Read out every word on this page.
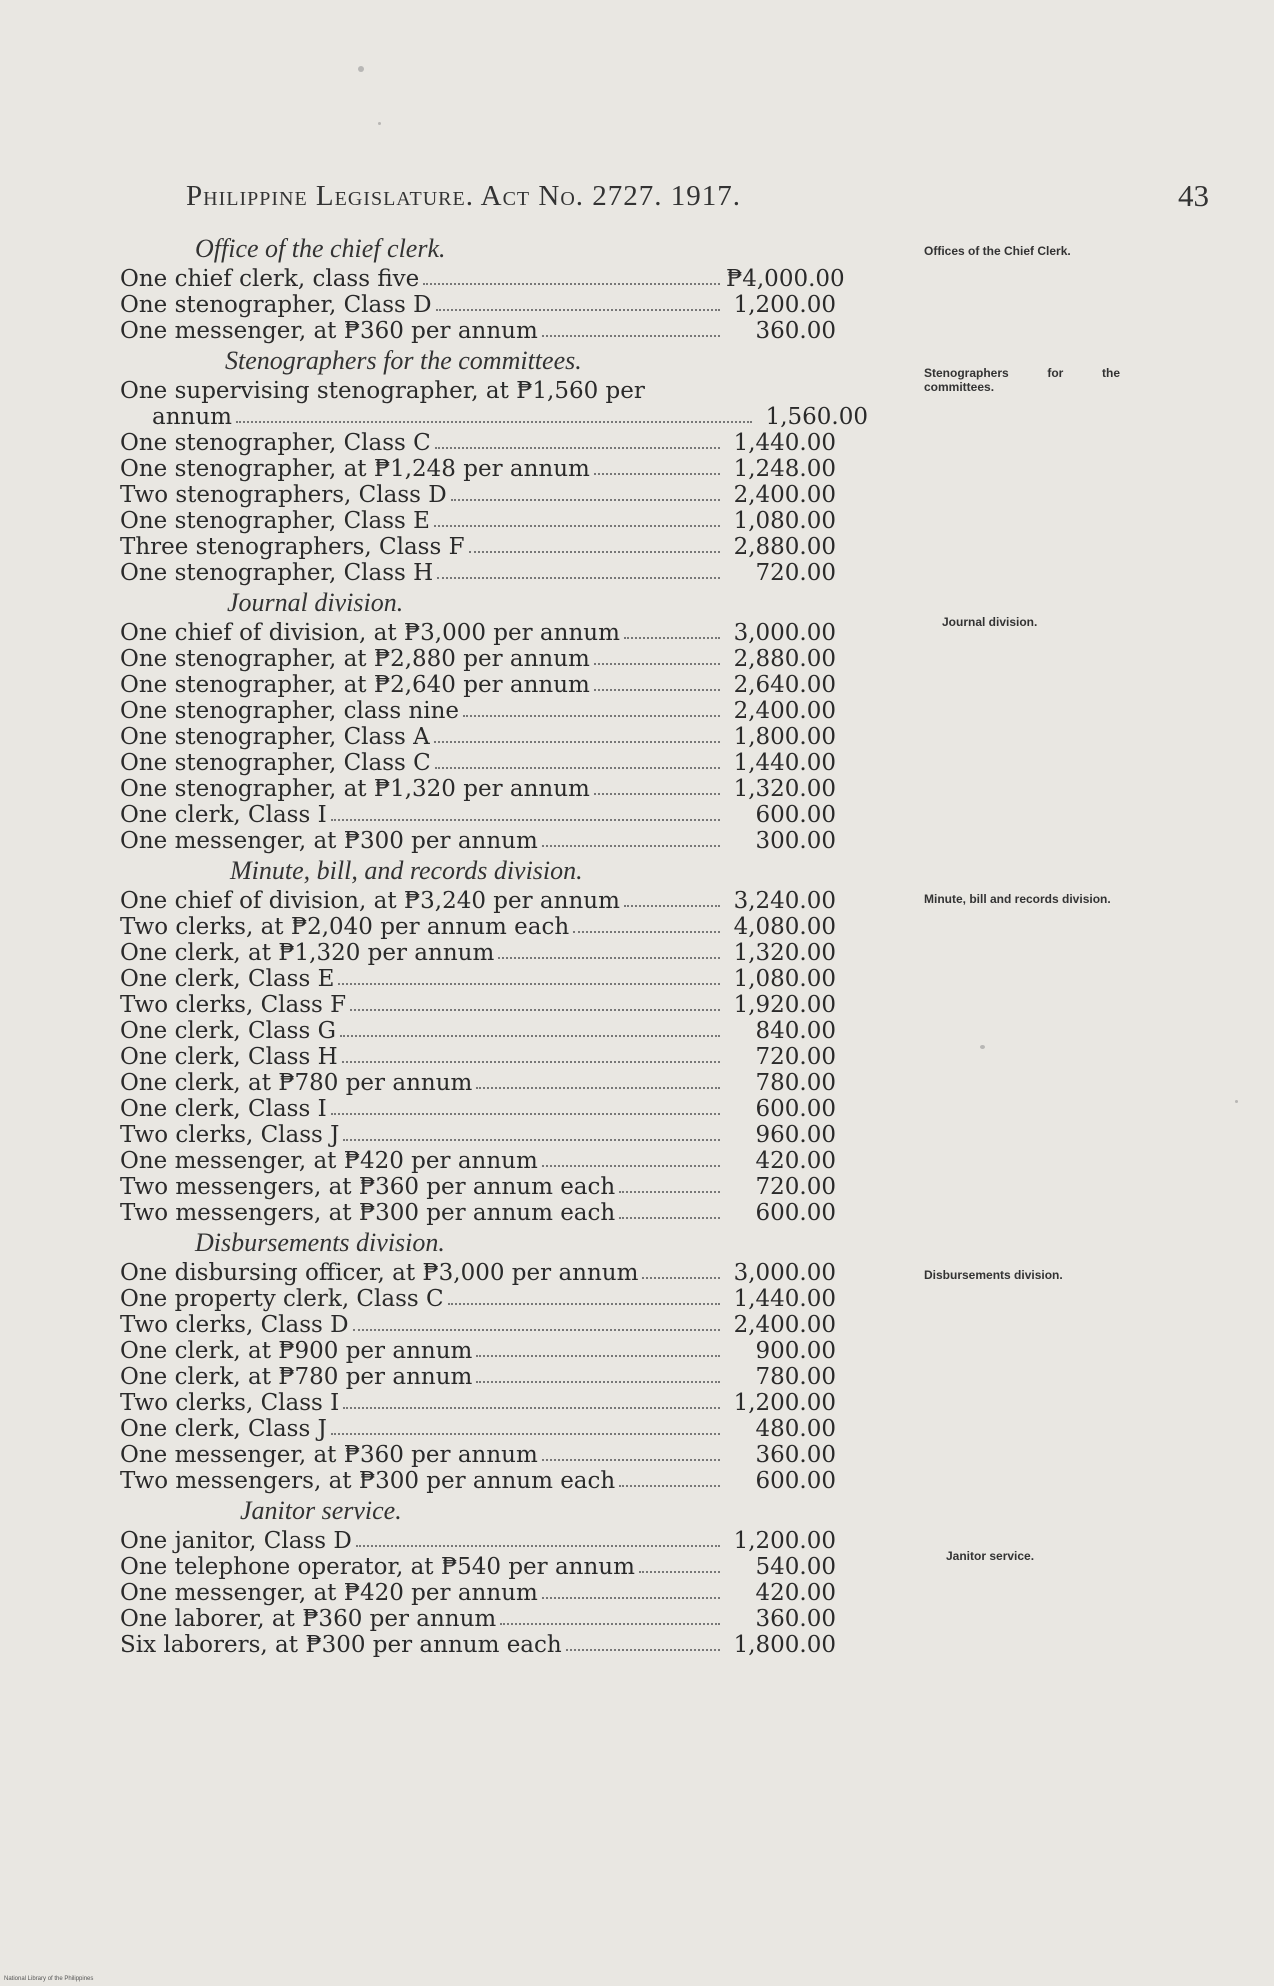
Philippine Legislature. Act No. 2727. 1917.	43
Office of the chief clerk.
One chief clerk, class five	₱4,000.00
One stenographer, Class D	1,200.00
One messenger, at ₱360 per annum	360.00
Stenographers for the committees.
One supervising stenographer, at ₱1,560 per
annum	1,560.00
One stenographer, Class C	1,440.00
One stenographer, at ₱1,248 per annum	1,248.00
Two stenographers, Class D	2,400.00
One stenographer, Class E	1,080.00
Three stenographers, Class F	2,880.00
One stenographer, Class H	720.00
Journal division.
One chief of division, at ₱3,000 per annum	3,000.00
One stenographer, at ₱2,880 per annum	2,880.00
One stenographer, at ₱2,640 per annum	2,640.00
One stenographer, class nine	2,400.00
One stenographer, Class A	1,800.00
One stenographer, Class C	1,440.00
One stenographer, at ₱1,320 per annum	1,320.00
One clerk, Class I	600.00
One messenger, at ₱300 per annum	300.00
Minute, bill, and records division.
One chief of division, at ₱3,240 per annum	3,240.00
Two clerks, at ₱2,040 per annum each	4,080.00
One clerk, at ₱1,320 per annum	1,320.00
One clerk, Class E	1,080.00
Two clerks, Class F	1,920.00
One clerk, Class G	840.00
One clerk, Class H	720.00
One clerk, at ₱780 per annum	780.00
One clerk, Class I	600.00
Two clerks, Class J	960.00
One messenger, at ₱420 per annum	420.00
Two messengers, at ₱360 per annum each	720.00
Two messengers, at ₱300 per annum each	600.00
Disbursements division.
One disbursing officer, at ₱3,000 per annum	3,000.00
One property clerk, Class C	1,440.00
Two clerks, Class D	2,400.00
One clerk, at ₱900 per annum	900.00
One clerk, at ₱780 per annum	780.00
Two clerks, Class I	1,200.00
One clerk, Class J	480.00
One messenger, at ₱360 per annum	360.00
Two messengers, at ₱300 per annum each	600.00
Janitor service.
One janitor, Class D	1,200.00
One telephone operator, at ₱540 per annum	540.00
One messenger, at ₱420 per annum	420.00
One laborer, at ₱360 per annum	360.00
Six laborers, at ₱300 per annum each	1,800.00
Offices of the Chief Clerk.
Stenographers for the committees.
Journal division.
Minute, bill and records division.
Disbursements division.
Janitor service.
National Library of the Philippines
